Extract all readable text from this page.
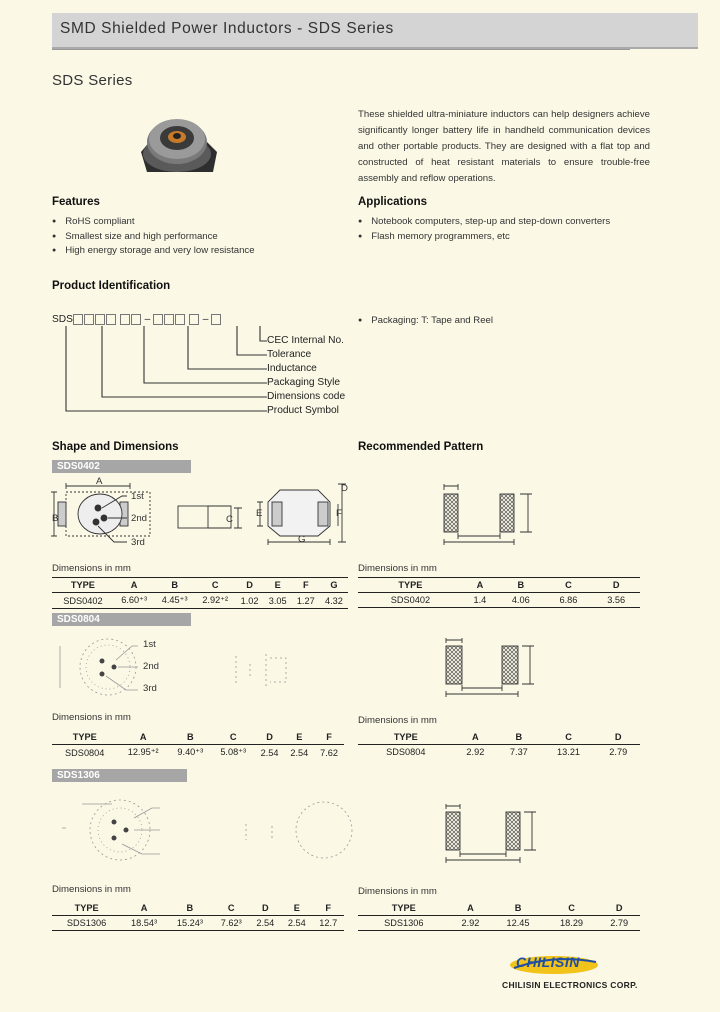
SMD Shielded Power Inductors - SDS Series
SDS Series
These shielded ultra-miniature inductors can help designers achieve significantly longer battery life in handheld communication devices and other portable products. They are designed with a flat top and constructed of heat resistant materials to ensure trouble-free assembly and reflow operations.
Features
● RoHS compliant
● Smallest size and high performance
● High energy storage and very low resistance
Applications
● Notebook computers, step-up and step-down converters
● Flash memory programmers, etc
Product Identification
SDS	–	–
CEC Internal No.
Tolerance
Inductance
Packaging Style
Dimensions code
Product Symbol
● Packaging: T: Tape and Reel
Shape and Dimensions	Recommended Pattern
SDS0402
A
B
1st
2nd
3rd
C
D
E	F
G
Dimensions in mm	Dimensions in mm
TYPE	A	B	C	D	E	F	G
SDS0402	6.60⁺³	4.45⁺³	2.92⁺²	1.02	3.05	1.27	4.32
TYPE	A	B	C	D
SDS0402	1.4	4.06	6.86	3.56
SDS0804
1st
2nd
3rd
Dimensions in mm	Dimensions in mm
TYPE	A	B	C	D	E	F
SDS0804	12.95⁺²	9.40⁺³	5.08⁺³	2.54	2.54	7.62
TYPE	A	B	C	D
SDS0804	2.92	7.37	13.21	2.79
SDS1306
Dimensions in mm	Dimensions in mm
TYPE	A	B	C	D	E	F
SDS1306	18.54³	15.24³	7.62³	2.54	2.54	12.7
TYPE	A	B	C	D
SDS1306	2.92	12.45	18.29	2.79
CHILISIN
CHILISIN ELECTRONICS CORP.
